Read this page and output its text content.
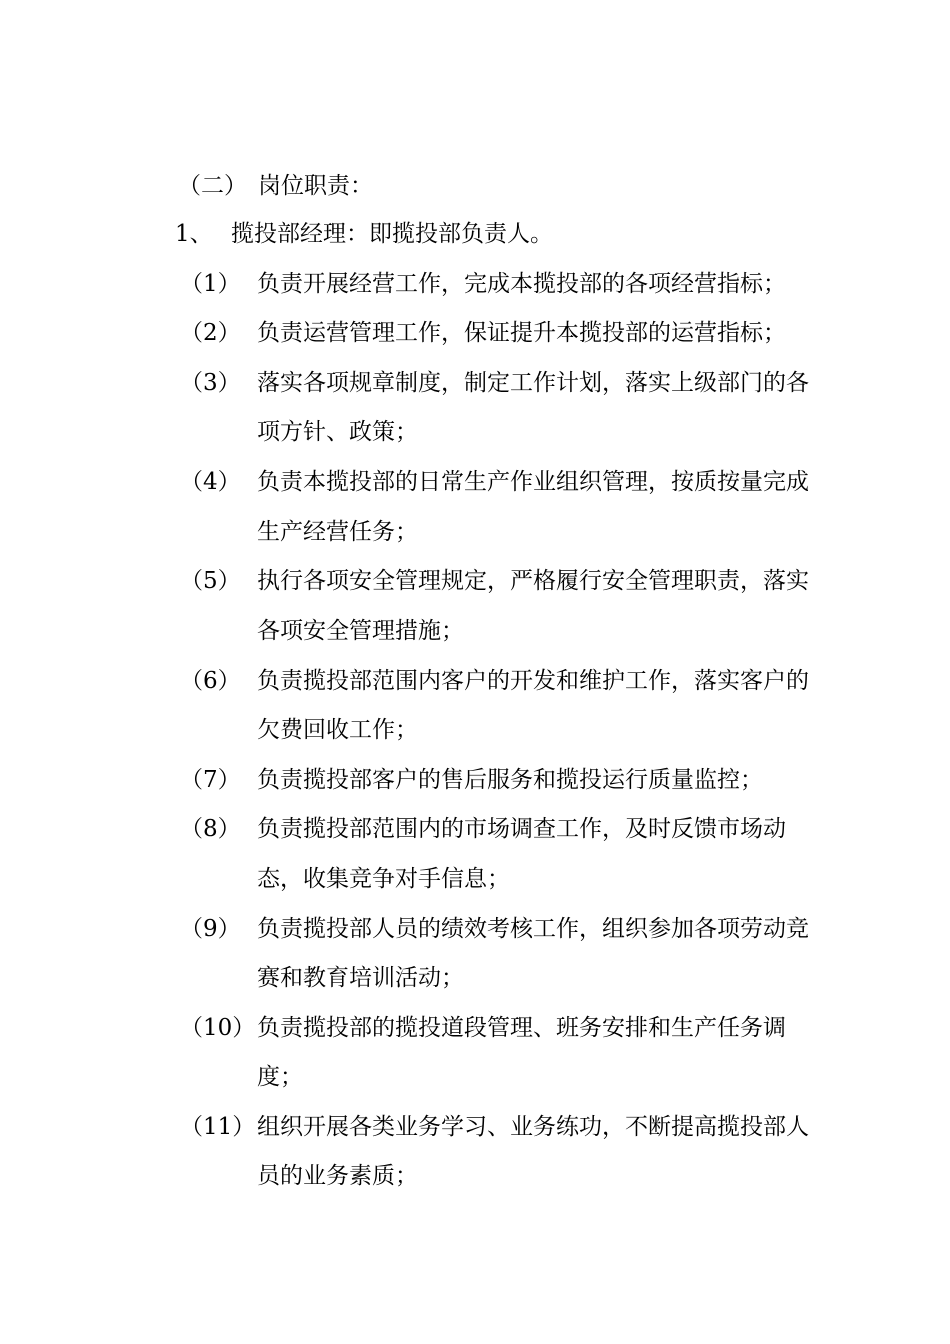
（二） 岗位职责：
1、 揽投部经理：即揽投部负责人。
（1） 负责开展经营工作，完成本揽投部的各项经营指标；
（2） 负责运营管理工作，保证提升本揽投部的运营指标；
（3） 落实各项规章制度，制定工作计划，落实上级部门的各
项方针、政策；
（4） 负责本揽投部的日常生产作业组织管理，按质按量完成
生产经营任务；
（5） 执行各项安全管理规定，严格履行安全管理职责，落实
各项安全管理措施；
（6） 负责揽投部范围内客户的开发和维护工作，落实客户的
欠费回收工作；
（7） 负责揽投部客户的售后服务和揽投运行质量监控；
（8） 负责揽投部范围内的市场调查工作，及时反馈市场动
态，收集竞争对手信息；
（9） 负责揽投部人员的绩效考核工作，组织参加各项劳动竞
赛和教育培训活动；
（10） 负责揽投部的揽投道段管理、班务安排和生产任务调
度；
（11） 组织开展各类业务学习、业务练功，不断提高揽投部人
员的业务素质；
